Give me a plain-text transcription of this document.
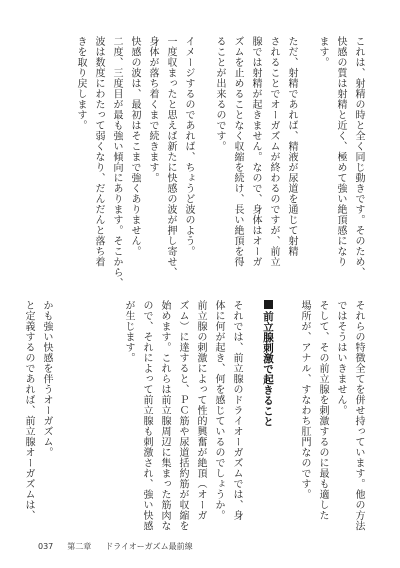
これは、射精の時と全く同じ動きです。そのため、
快感の質は射精と近く、極めて強い絶頂感になり
ます。
ただ、射精であれば、精液が尿道を通じて射精
されることでオーガズムが終わるのですが、前立
腺では射精が起きません。なので、身体はオーガ
ズムを止めることなく収縮を続け、長い絶頂を得
ることが出来るのです。
イメージするのであれば、ちょうど波のよう。
一度収まったと思えば新たに快感の波が押し寄せ、
身体が落ち着くまで続きます。
快感の波は、最初はそこまで強くありません。
二度、三度目が最も強い傾向にあります。そこから、
波は数度にわたって弱くなり、だんだんと落ち着
きを取り戻します。
かも強い快感を伴うオーガズム。
と定義するのであれば、前立腺オーガズムは、	それらの特徴全てを併せ持っています。他の方法
ではそうはいきません。
そして、その前立腺を刺激するのに最も適した
場所が、アナル、すなわち肛門なのです。
前立腺刺激で起きること
それでは、前立腺のドライオーガズムでは、身
体に何が起き、何を感じているのでしょうか。
前立腺の刺激によって性的興奮が絶頂（オーガ
ズム）に達すると、ＰＣ筋や尿道括約筋が収縮を
始めます。これらは前立腺周辺に集まった筋肉な
ので、それによって前立腺も刺激され、強い快感
が生じます。
037 第二章 ドライオーガズム最前線
